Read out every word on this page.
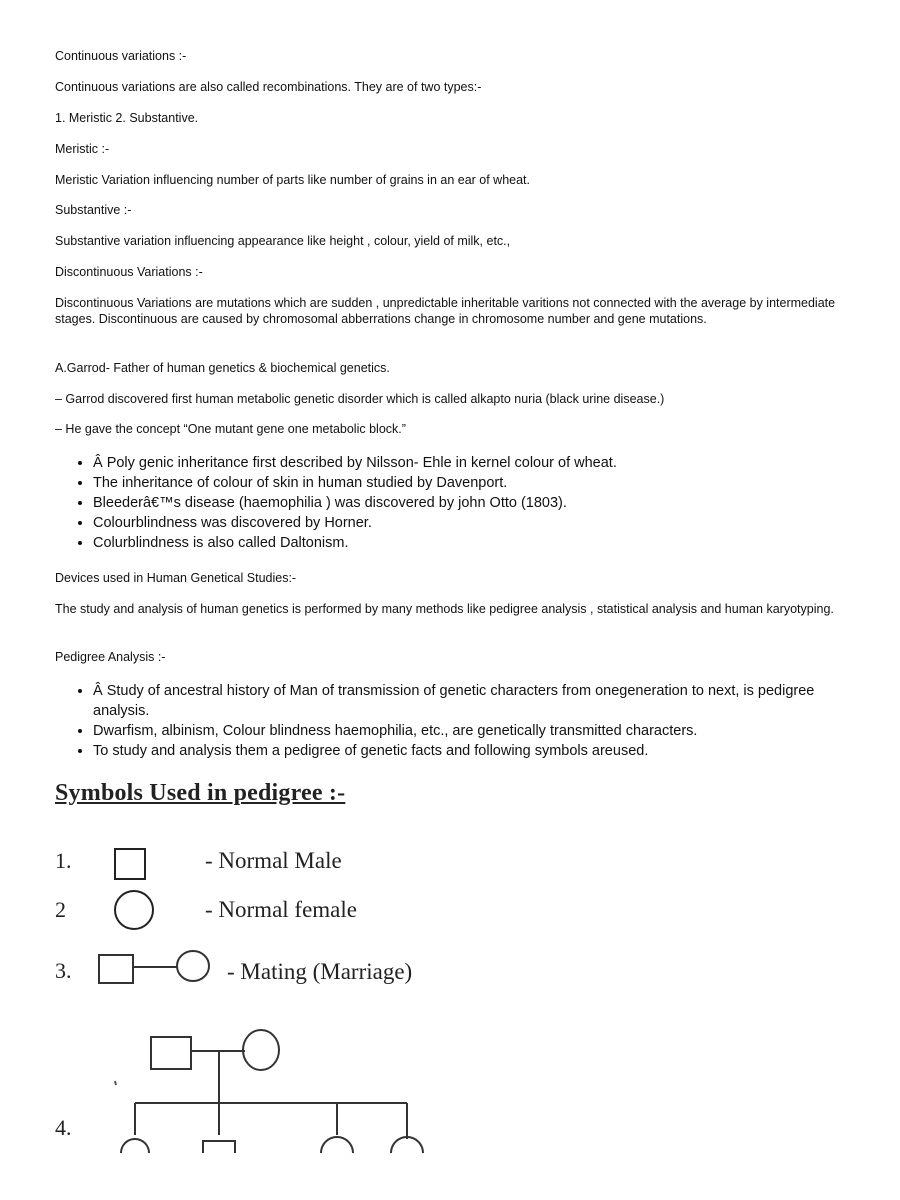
Continuous variations :-

Continuous variations are also called recombinations. They are of two types:-

1. Meristic 2. Substantive.

Meristic :-

Meristic Variation influencing number of parts like number of grains in an ear of wheat.

Substantive :-

Substantive variation influencing appearance like height , colour, yield of milk, etc.,

Discontinuous Variations :-

Discontinuous Variations are mutations which are sudden , unpredictable inheritable varitions not connected with the average by intermediate stages. Discontinuous are caused by chromosomal abberrations change in chromosome number and gene mutations.

A.Garrod- Father of human genetics & biochemical genetics.

– Garrod discovered first human metabolic genetic disorder which is called alkapto nuria (black urine disease.)

– He gave the concept “One mutant gene one metabolic block.”

• Â Poly genic inheritance first described by Nilsson- Ehle in kernel colour of wheat.
• The inheritance of colour of skin in human studied by Davenport.
• Bleederâ€™s disease (haemophilia ) was discovered by john Otto (1803).
• Colourblindness was discovered by Horner.
• Colurblindness is also called Daltonism.

Devices used in Human Genetical Studies:-

The study and analysis of human genetics is performed by many methods like pedigree analysis , statistical analysis and human karyotyping.

Pedigree Analysis :-

• Â Study of ancestral history of Man of transmission of genetic characters from onegeneration to next, is pedigree analysis.
• Dwarfism, albinism, Colour blindness haemophilia, etc., are genetically transmitted characters.
• To study and analysis them a pedigree of genetic facts and following symbols areused.
Symbols Used in pedigree :-
1.	- Normal Male
2	- Normal female
3.	- Mating (Marriage)
4.
